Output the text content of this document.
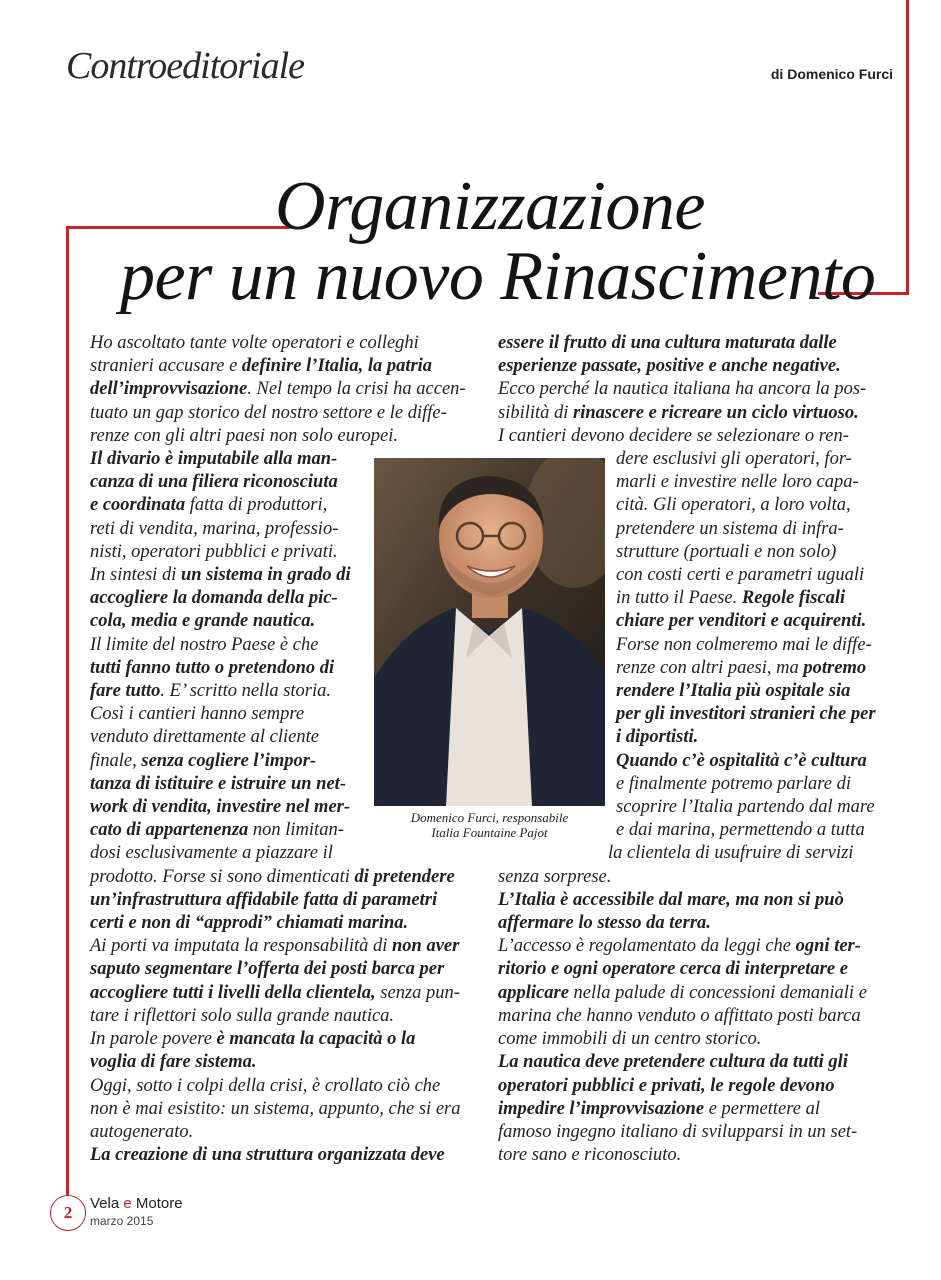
Controeditoriale	di Domenico Furci
Organizzazione
per un nuovo Rinascimento
Ho ascoltato tante volte operatori e colleghi
stranieri accusare e definire l’Italia, la patria
dell’improvvisazione. Nel tempo la crisi ha accen-
tuato un gap storico del nostro settore e le diffe-
renze con gli altri paesi non solo europei.
Il divario è imputabile alla man-
canza di una filiera riconosciuta
e coordinata fatta di produttori,
reti di vendita, marina, professio-
nisti, operatori pubblici e privati.
In sintesi di un sistema in grado di
accogliere la domanda della pic-
cola, media e grande nautica.
Il limite del nostro Paese è che
tutti fanno tutto o pretendono di
fare tutto. E’ scritto nella storia.
Così i cantieri hanno sempre
venduto direttamente al cliente
finale, senza cogliere l’impor-
tanza di istituire e istruire un net-
work di vendita, investire nel mer-
cato di appartenenza non limitan-
dosi esclusivamente a piazzare il
prodotto. Forse si sono dimenticati di pretendere
un’infrastruttura affidabile fatta di parametri
certi e non di “approdi” chiamati marina.
Ai porti va imputata la responsabilità di non aver
saputo segmentare l’offerta dei posti barca per
accogliere tutti i livelli della clientela, senza pun-
tare i riflettori solo sulla grande nautica.
In parole povere è mancata la capacità o la
voglia di fare sistema.
Oggi, sotto i colpi della crisi, è crollato ciò che
non è mai esistito: un sistema, appunto, che si era
autogenerato.
La creazione di una struttura organizzata deve
essere il frutto di una cultura maturata dalle
esperienze passate, positive e anche negative.
Ecco perché la nautica italiana ha ancora la pos-
sibilità di rinascere e ricreare un ciclo virtuoso.
I cantieri devono decidere se selezionare o ren-
dere esclusivi gli operatori, for-
marli e investire nelle loro capa-
cità. Gli operatori, a loro volta,
pretendere un sistema di infra-
strutture (portuali e non solo)
con costi certi e parametri uguali
in tutto il Paese. Regole fiscali
chiare per venditori e acquirenti.
Forse non colmeremo mai le diffe-
renze con altri paesi, ma potremo
rendere l’Italia più ospitale sia
per gli investitori stranieri che per
i diportisti.
Quando c’è ospitalità c’è cultura
e finalmente potremo parlare di
scoprire l’Italia partendo dal mare
e dai marina, permettendo a tutta
la clientela di usufruire di servizi
senza sorprese.
L’Italia è accessibile dal mare, ma non si può
affermare lo stesso da terra.
L’accesso è regolamentato da leggi che ogni ter-
ritorio e ogni operatore cerca di interpretare e
applicare nella palude di concessioni demaniali e
marina che hanno venduto o affittato posti barca
come immobili di un centro storico.
La nautica deve pretendere cultura da tutti gli
operatori pubblici e privati, le regole devono
impedire l’improvvisazione e permettere al
famoso ingegno italiano di svilupparsi in un set-
tore sano e riconosciuto.
Domenico Furci, responsabile
Italia Fountaine Pajot
2	Vela e Motore
marzo 2015
